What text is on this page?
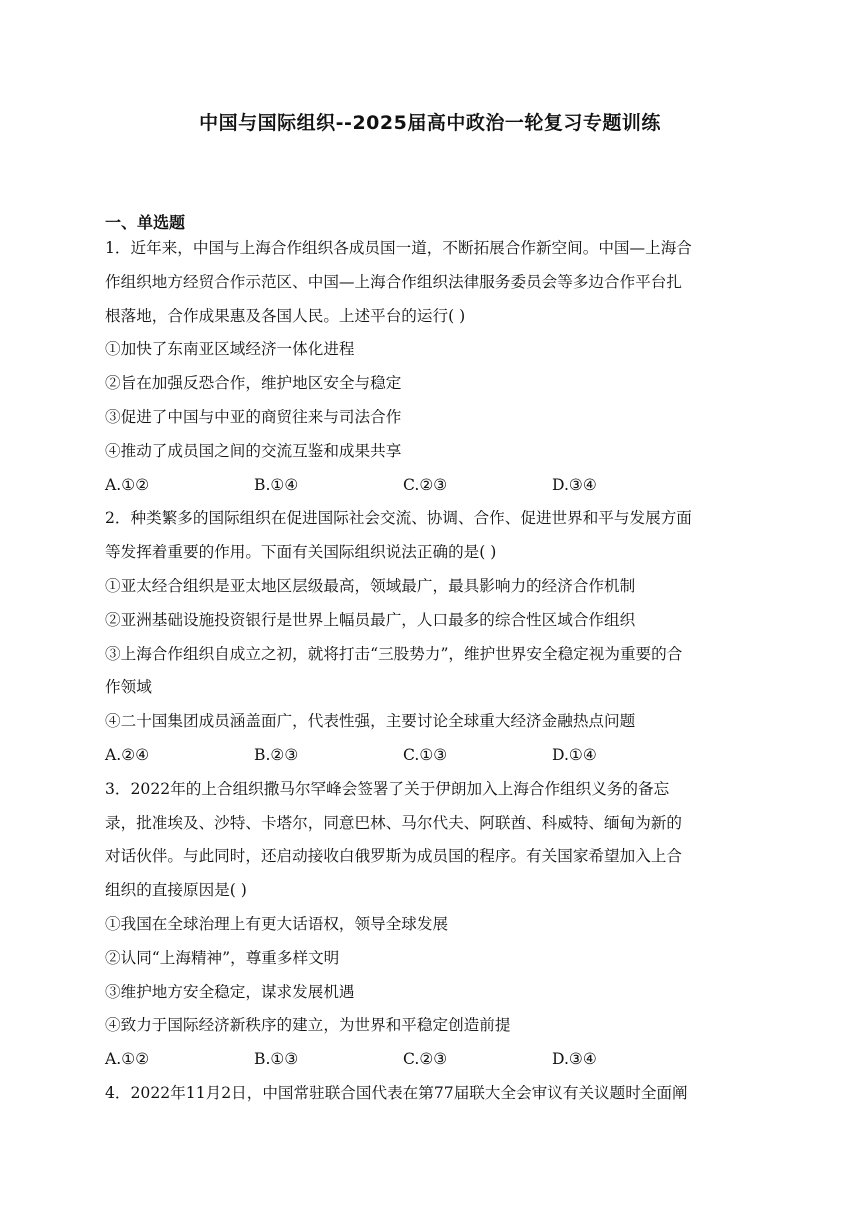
中国与国际组织--2025届高中政治一轮复习专题训练
一、单选题
1．近年来，中国与上海合作组织各成员国一道，不断拓展合作新空间。中国—上海合
作组织地方经贸合作示范区、中国—上海合作组织法律服务委员会等多边合作平台扎
根落地，合作成果惠及各国人民。上述平台的运行( )
①加快了东南亚区域经济一体化进程
②旨在加强反恐合作，维护地区安全与稳定
③促进了中国与中亚的商贸往来与司法合作
④推动了成员国之间的交流互鉴和成果共享
A.①②	B.①④	C.②③	D.③④
2．种类繁多的国际组织在促进国际社会交流、协调、合作、促进世界和平与发展方面
等发挥着重要的作用。下面有关国际组织说法正确的是( )
①亚太经合组织是亚太地区层级最高，领域最广，最具影响力的经济合作机制
②亚洲基础设施投资银行是世界上幅员最广，人口最多的综合性区域合作组织
③上海合作组织自成立之初，就将打击“三股势力”，维护世界安全稳定视为重要的合
作领域
④二十国集团成员涵盖面广，代表性强，主要讨论全球重大经济金融热点问题
A.②④	B.②③	C.①③	D.①④
3．2022年的上合组织撒马尔罕峰会签署了关于伊朗加入上海合作组织义务的备忘
录，批准埃及、沙特、卡塔尔，同意巴林、马尔代夫、阿联酋、科威特、缅甸为新的
对话伙伴。与此同时，还启动接收白俄罗斯为成员国的程序。有关国家希望加入上合
组织的直接原因是( )
①我国在全球治理上有更大话语权，领导全球发展
②认同“上海精神”，尊重多样文明
③维护地方安全稳定，谋求发展机遇
④致力于国际经济新秩序的建立，为世界和平稳定创造前提
A.①②	B.①③	C.②③	D.③④
4．2022年11月2日，中国常驻联合国代表在第77届联大全会审议有关议题时全面阐
